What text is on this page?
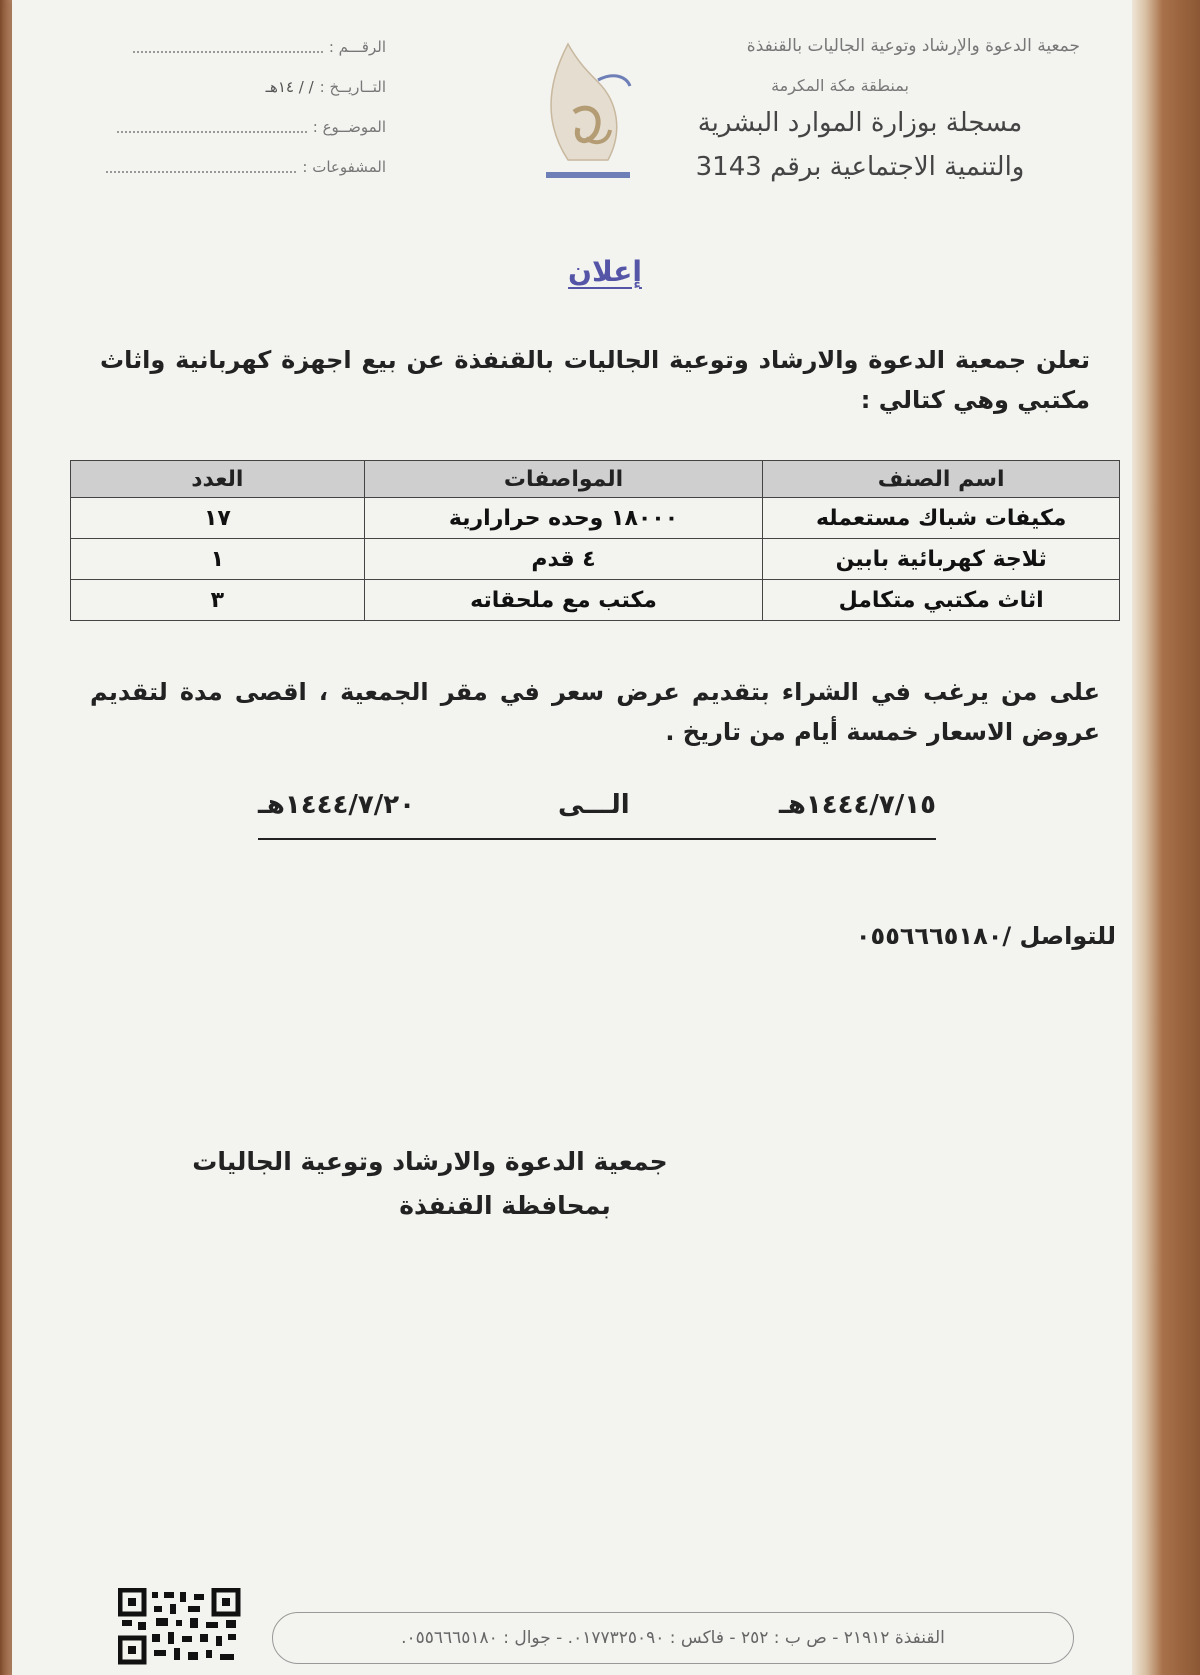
جمعية الدعوة والإرشاد وتوعية الجاليات بالقنفذة
بمنطقة مكة المكرمة
مسجلة بوزارة الموارد البشرية
والتنمية الاجتماعية برقم 3143
الرقـــم :
التــاريــخ :
/ / ١٤هـ
الموضــوع :
المشفوعات :
إعلان
تعلن جمعية الدعوة والارشاد وتوعية الجاليات بالقنفذة عن بيع اجهزة كهربانية واثاث مكتبي وهي كتالي :
اسم الصنف	المواصفات	العدد
مكيفات شباك مستعمله	١٨٠٠٠ وحده حرارارية	١٧
ثلاجة كهربائية بابين	٤ قدم	١
اثاث مكتبي متكامل	مكتب مع ملحقاته	٣
على من يرغب في الشراء بتقديم عرض سعر في مقر الجمعية ، اقصى مدة لتقديم عروض الاسعار خمسة أيام من تاريخ .
١٤٤٤/٧/١٥هـ
الـــى
١٤٤٤/٧/٢٠هـ
للتواصل /٠٥٥٦٦٦٥١٨٠
جمعية الدعوة والارشاد وتوعية الجاليات
بمحافظة القنفذة
القنفذة ٢١٩١٢ - ص ب : ٢٥٢ - فاكس : ٠١٧٧٣٢٥٠٩٠. - جوال : ٠٥٥٦٦٦٥١٨٠.
